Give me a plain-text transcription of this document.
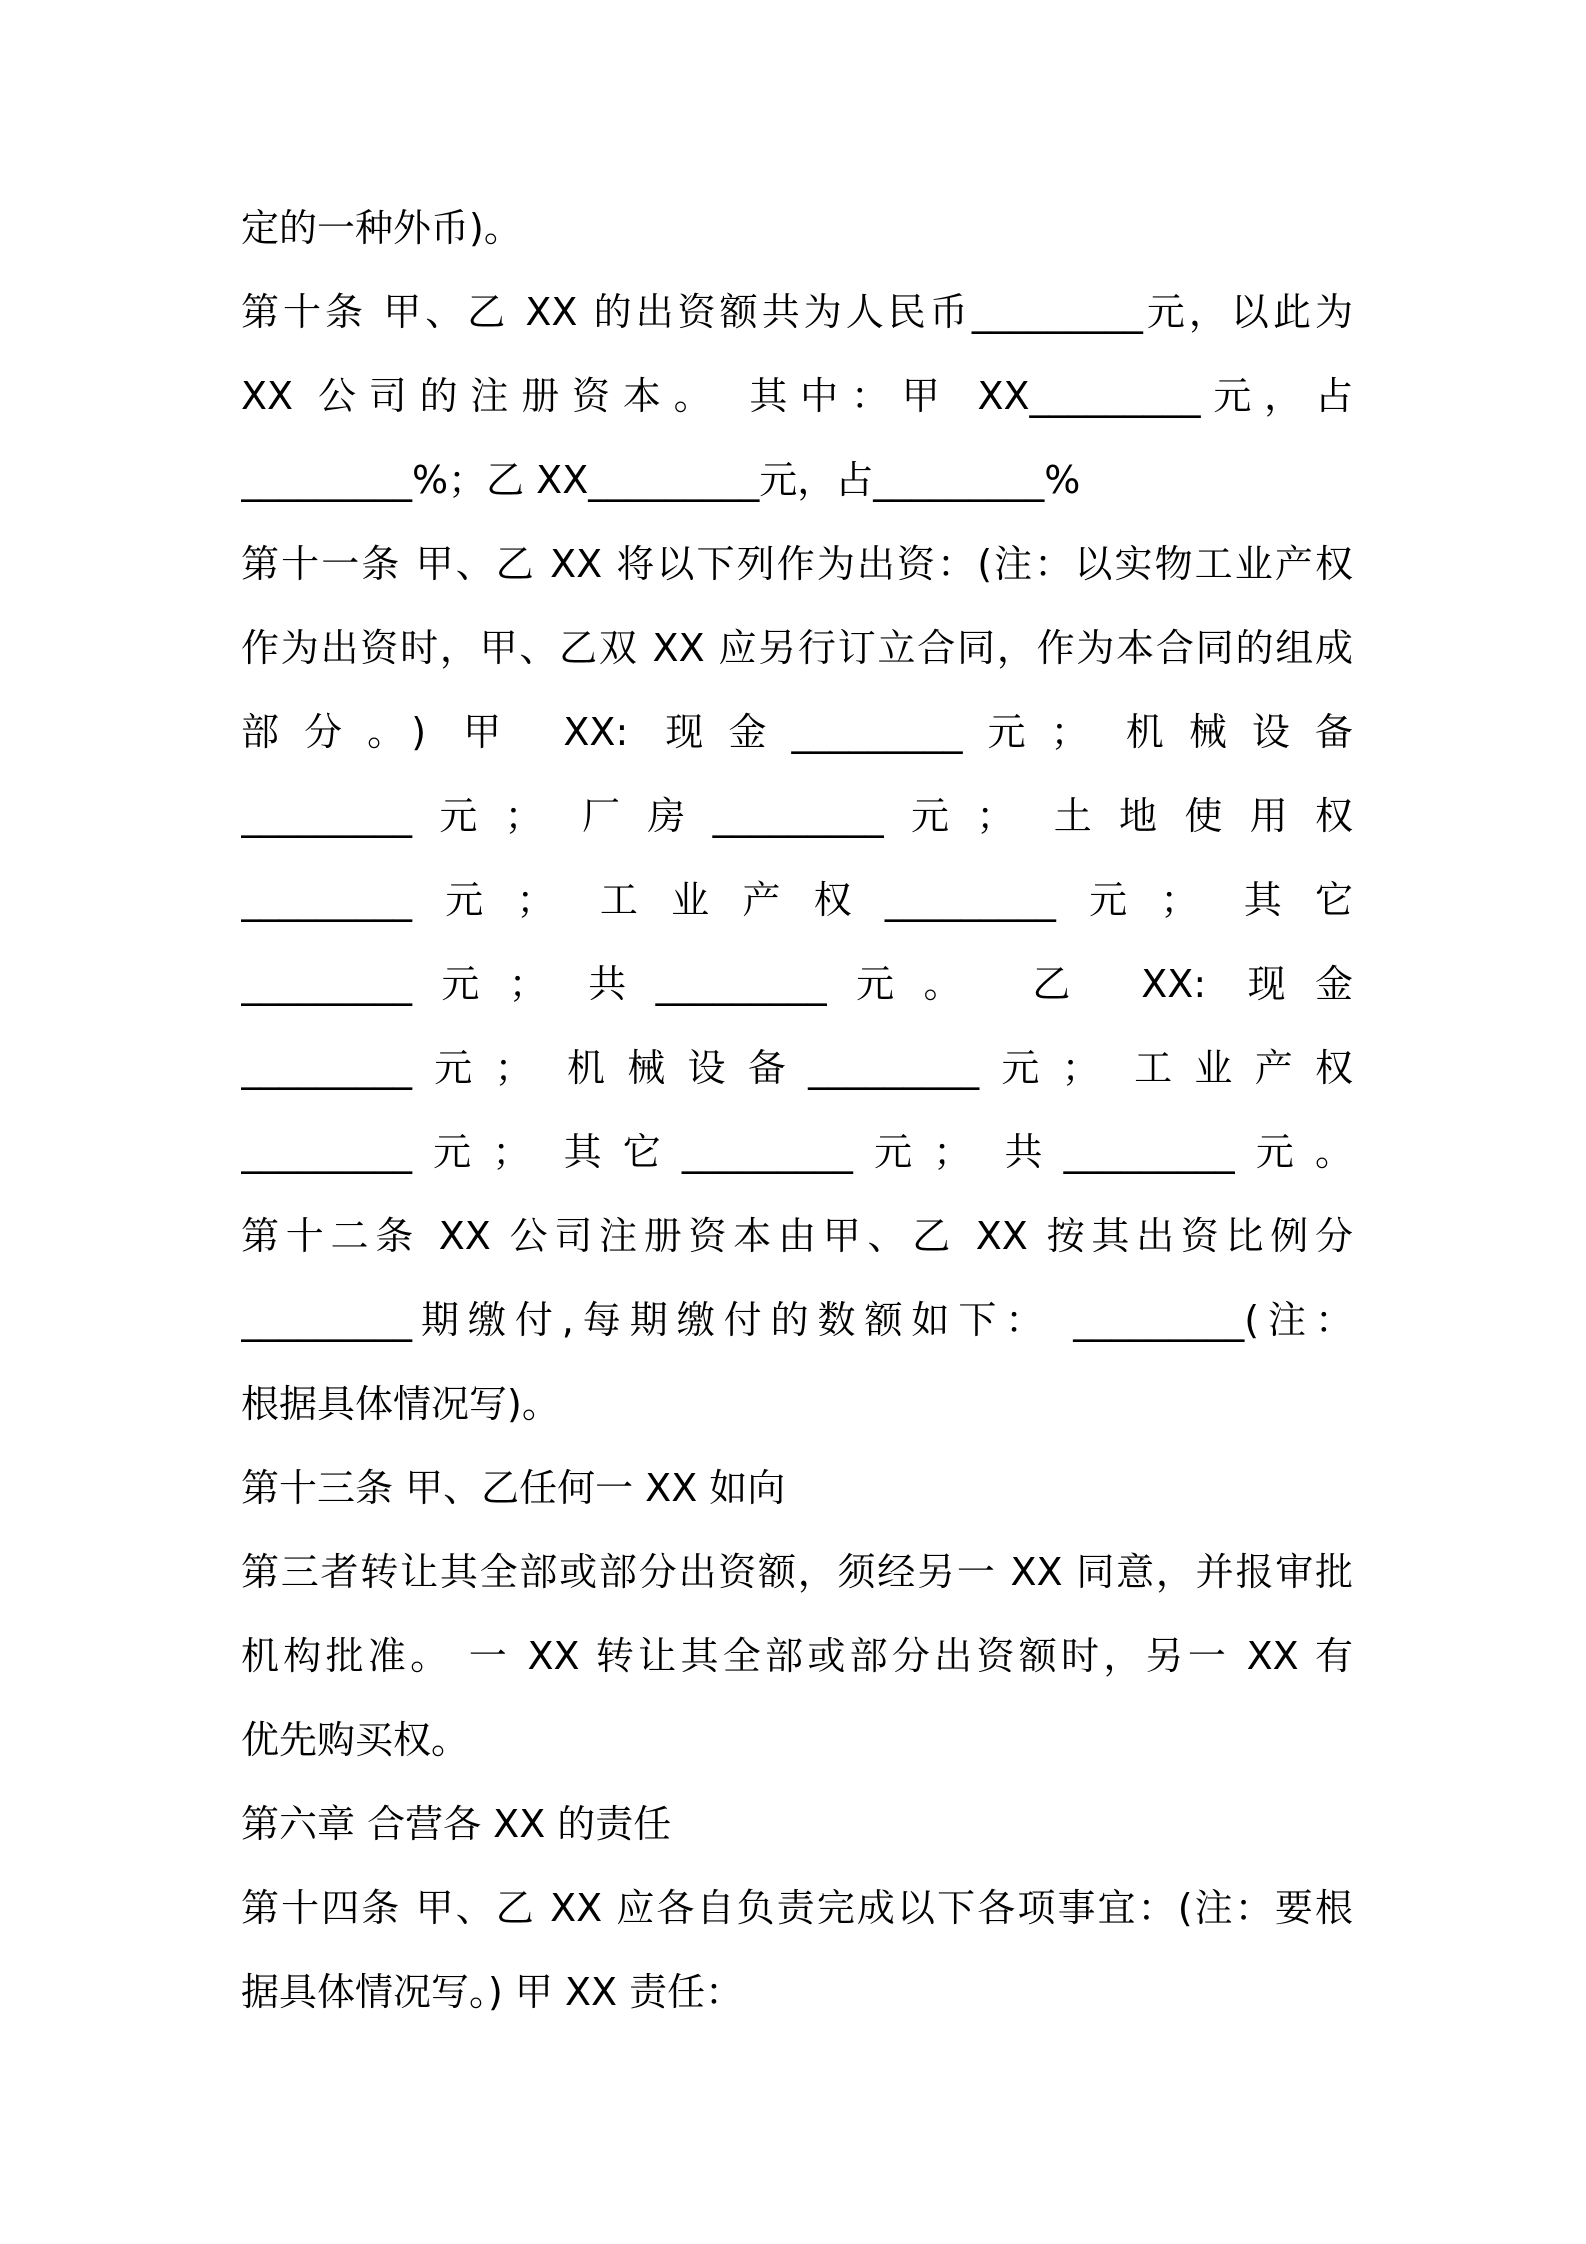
定的一种外币)。
第十条 甲、乙 XX 的出资额共为人民币_________元，以此为
XX 公司的注册资本。 其中：甲 XX_________元，占
_________%；乙 XX_________元，占_________%
第十一条 甲、乙 XX 将以下列作为出资：(注：以实物工业产权
作为出资时，甲、乙双 XX 应另行订立合同，作为本合同的组成
部分。) 甲 XX: 现金_________元； 机械设备
_________元； 厂房_________元； 土地使用权
_________元； 工业产权_________元； 其它
_________元； 共_________元。 乙 XX: 现金
_________元； 机械设备_________元； 工业产权
_________元； 其它_________元； 共_________元。
第十二条 XX 公司注册资本由甲、乙 XX 按其出资比例分
_________期缴付,每期缴付的数额如下： _________(注：
根据具体情况写)。
第十三条 甲、乙任何一 XX 如向
第三者转让其全部或部分出资额，须经另一 XX 同意，并报审批
机构批准。 一 XX 转让其全部或部分出资额时，另一 XX 有
优先购买权。
第六章 合营各 XX 的责任
第十四条 甲、乙 XX 应各自负责完成以下各项事宜：(注：要根
据具体情况写。) 甲 XX 责任：
